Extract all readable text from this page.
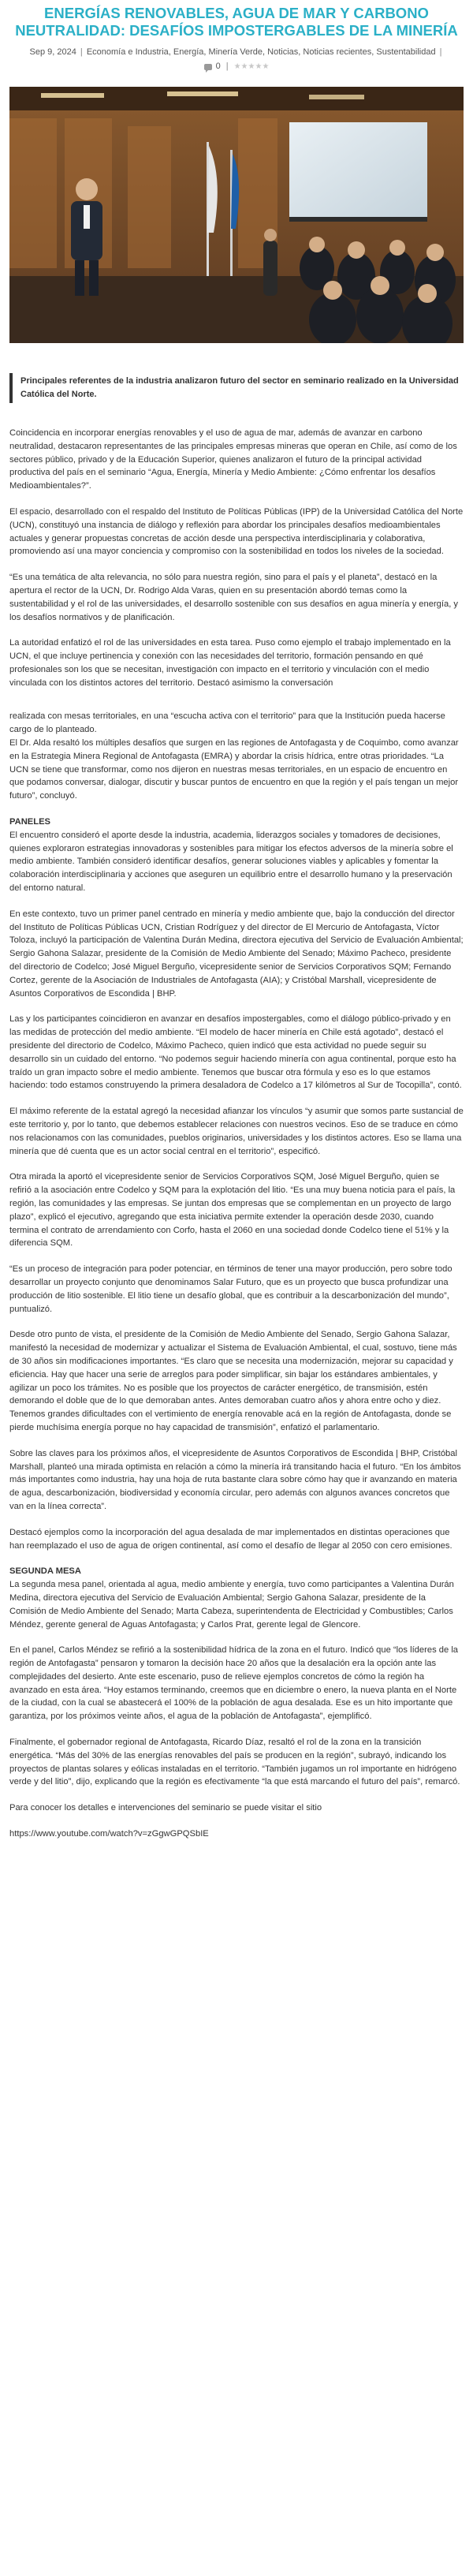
ENERGÍAS RENOVABLES, AGUA DE MAR Y CARBONO NEUTRALIDAD: DESAFÍOS IMPOSTERGABLES DE LA MINERÍA
Sep 9, 2024 | Economía e Industria, Energía, Minería Verde, Noticias, Noticias recientes, Sustentabilidad |
0 | ★★★★★
Principales referentes de la industria analizaron futuro del sector en seminario realizado en la Universidad Católica del Norte.

Coincidencia en incorporar energías renovables y el uso de agua de mar, además de avanzar en carbono neutralidad, destacaron representantes de las principales empresas mineras que operan en Chile, así como de los sectores público, privado y de la Educación Superior, quienes analizaron el futuro de la principal actividad productiva del país en el seminario “Agua, Energía, Minería y Medio Ambiente: ¿Cómo enfrentar los desafíos Medioambientales?”.

El espacio, desarrollado con el respaldo del Instituto de Políticas Públicas (IPP) de la Universidad Católica del Norte (UCN), constituyó una instancia de diálogo y reflexión para abordar los principales desafíos medioambientales actuales y generar propuestas concretas de acción desde una perspectiva interdisciplinaria y colaborativa, promoviendo así una mayor conciencia y compromiso con la sostenibilidad en todos los niveles de la sociedad.

“Es una temática de alta relevancia, no sólo para nuestra región, sino para el país y el planeta”, destacó en la apertura el rector de la UCN, Dr. Rodrigo Alda Varas, quien en su presentación abordó temas como la sustentabilidad y el rol de las universidades, el desarrollo sostenible con sus desafíos en agua minería y energía, y los desafíos normativos y de planificación.

La autoridad enfatizó el rol de las universidades en esta tarea. Puso como ejemplo el trabajo implementado en la UCN, el que incluye pertinencia y conexión con las necesidades del territorio, formación pensando en qué profesionales son los que se necesitan, investigación con impacto en el territorio y vinculación con el medio vinculada con los distintos actores del territorio. Destacó asimismo la conversación

realizada con mesas territoriales, en una “escucha activa con el territorio” para que la Institución pueda hacerse cargo de lo planteado.
El Dr. Alda resaltó los múltiples desafíos que surgen en las regiones de Antofagasta y de Coquimbo, como avanzar en la Estrategia Minera Regional de Antofagasta (EMRA) y abordar la crisis hídrica, entre otras prioridades. “La UCN se tiene que transformar, como nos dijeron en nuestras mesas territoriales, en un espacio de encuentro en que podamos conversar, dialogar, discutir y buscar puntos de encuentro en que la región y el país tengan un mejor futuro”, concluyó.

PANELES

El encuentro consideró el aporte desde la industria, academia, liderazgos sociales y tomadores de decisiones, quienes exploraron estrategias innovadoras y sostenibles para mitigar los efectos adversos de la minería sobre el medio ambiente. También consideró identificar desafíos, generar soluciones viables y aplicables y fomentar la colaboración interdisciplinaria y acciones que aseguren un equilibrio entre el desarrollo humano y la preservación del entorno natural.

En este contexto, tuvo un primer panel centrado en minería y medio ambiente que, bajo la conducción del director del Instituto de Políticas Públicas UCN, Cristian Rodríguez y del director de El Mercurio de Antofagasta, Víctor Toloza, incluyó la participación de Valentina Durán Medina, directora ejecutiva del Servicio de Evaluación Ambiental; Sergio Gahona Salazar, presidente de la Comisión de Medio Ambiente del Senado; Máximo Pacheco, presidente del directorio de Codelco; José Miguel Berguño, vicepresidente senior de Servicios Corporativos SQM; Fernando Cortez, gerente de la Asociación de Industriales de Antofagasta (AIA); y Cristóbal Marshall, vicepresidente de Asuntos Corporativos de Escondida | BHP.

Las y los participantes coincidieron en avanzar en desafíos impostergables, como el diálogo público-privado y en las medidas de protección del medio ambiente. “El modelo de hacer minería en Chile está agotado”, destacó el presidente del directorio de Codelco, Máximo Pacheco, quien indicó que esta actividad no puede seguir su desarrollo sin un cuidado del entorno. “No podemos seguir haciendo minería con agua continental, porque esto ha traído un gran impacto sobre el medio ambiente. Tenemos que buscar otra fórmula y eso es lo que estamos haciendo: todo estamos construyendo la primera desaladora de Codelco a 17 kilómetros al Sur de Tocopilla”, contó.

El máximo referente de la estatal agregó la necesidad afianzar los vínculos “y asumir que somos parte sustancial de este territorio y, por lo tanto, que debemos establecer relaciones con nuestros vecinos. Eso de se traduce en cómo nos relacionamos con las comunidades, pueblos originarios, universidades y los distintos actores. Eso se llama una minería que dé cuenta que es un actor social central en el territorio”, especificó.

Otra mirada la aportó el vicepresidente senior de Servicios Corporativos SQM, José Miguel Berguño, quien se refirió a la asociación entre Codelco y SQM para la explotación del litio. “Es una muy buena noticia para el país, la región, las comunidades y las empresas. Se juntan dos empresas que se complementan en un proyecto de largo plazo”, explicó el ejecutivo, agregando que esta iniciativa permite extender la operación desde 2030, cuando termina el contrato de arrendamiento con Corfo, hasta el 2060 en una sociedad donde Codelco tiene el 51% y la diferencia SQM.

“Es un proceso de integración para poder potenciar, en términos de tener una mayor producción, pero sobre todo desarrollar un proyecto conjunto que denominamos Salar Futuro, que es un proyecto que busca profundizar una producción de litio sostenible. El litio tiene un desafío global, que es contribuir a la descarbonización del mundo”, puntualizó.

Desde otro punto de vista, el presidente de la Comisión de Medio Ambiente del Senado, Sergio Gahona Salazar, manifestó la necesidad de modernizar y actualizar el Sistema de Evaluación Ambiental, el cual, sostuvo, tiene más de 30 años sin modificaciones importantes. “Es claro que se necesita una modernización, mejorar su capacidad y eficiencia. Hay que hacer una serie de arreglos para poder simplificar, sin bajar los estándares ambientales, y agilizar un poco los trámites. No es posible que los proyectos de carácter energético, de transmisión, estén demorando el doble que de lo que demoraban antes. Antes demoraban cuatro años y ahora entre ocho y diez. Tenemos grandes dificultades con el vertimiento de energía renovable acá en la región de Antofagasta, donde se pierde muchísima energía porque no hay capacidad de transmisión”, enfatizó el parlamentario.

Sobre las claves para los próximos años, el vicepresidente de Asuntos Corporativos de Escondida | BHP, Cristóbal Marshall, planteó una mirada optimista en relación a cómo la minería irá transitando hacia el futuro. “En los ámbitos más importantes como industria, hay una hoja de ruta bastante clara sobre cómo hay que ir avanzando en materia de agua, descarbonización, biodiversidad y economía circular, pero además con algunos avances concretos que van en la línea correcta”.

Destacó ejemplos como la incorporación del agua desalada de mar implementados en distintas operaciones que han reemplazado el uso de agua de origen continental, así como el desafío de llegar al 2050 con cero emisiones.

SEGUNDA MESA

La segunda mesa panel, orientada al agua, medio ambiente y energía, tuvo como participantes a Valentina Durán Medina, directora ejecutiva del Servicio de Evaluación Ambiental; Sergio Gahona Salazar, presidente de la Comisión de Medio Ambiente del Senado; Marta Cabeza, superintendenta de Electricidad y Combustibles; Carlos Méndez, gerente general de Aguas Antofagasta; y Carlos Prat, gerente legal de Glencore.

En el panel, Carlos Méndez se refirió a la sostenibilidad hídrica de la zona en el futuro. Indicó que “los líderes de la región de Antofagasta” pensaron y tomaron la decisión hace 20 años que la desalación era la opción ante las complejidades del desierto. Ante este escenario, puso de relieve ejemplos concretos de cómo la región ha avanzado en esta área. “Hoy estamos terminando, creemos que en diciembre o enero, la nueva planta en el Norte de la ciudad, con la cual se abastecerá el 100% de la población de agua desalada. Ese es un hito importante que garantiza, por los próximos veinte años, el agua de la población de Antofagasta”, ejemplificó.

Finalmente, el gobernador regional de Antofagasta, Ricardo Díaz, resaltó el rol de la zona en la transición energética. “Más del 30% de las energías renovables del país se producen en la región”, subrayó, indicando los proyectos de plantas solares y eólicas instaladas en el territorio. “También jugamos un rol importante en hidrógeno verde y del litio”, dijo, explicando que la región es efectivamente “la que está marcando el futuro del país”, remarcó.

Para conocer los detalles e intervenciones del seminario se puede visitar el sitio

https://www.youtube.com/watch?v=zGgwGPQSbIE
